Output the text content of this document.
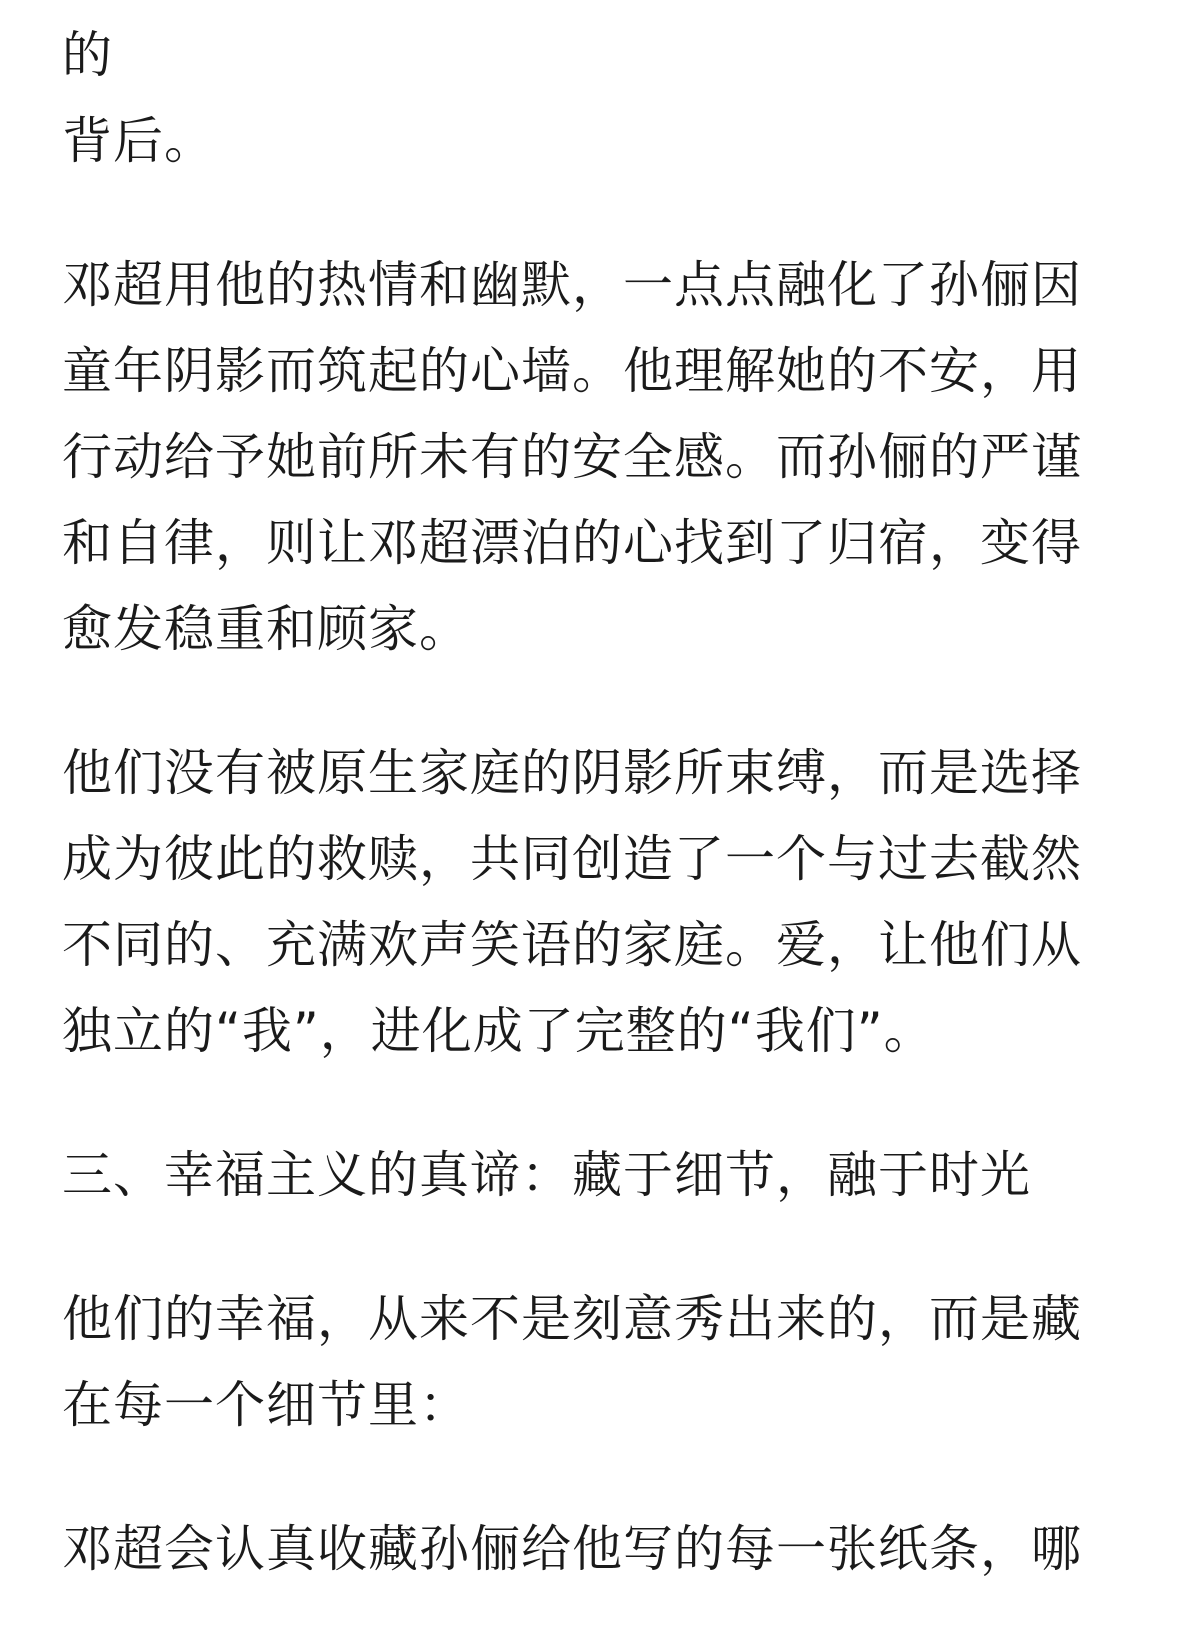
的
背后。
邓超用他的热情和幽默，一点点融化了孙俪因
童年阴影而筑起的心墙。他理解她的不安，用
行动给予她前所未有的安全感。而孙俪的严谨
和自律，则让邓超漂泊的心找到了归宿，变得
愈发稳重和顾家。
他们没有被原生家庭的阴影所束缚，而是选择
成为彼此的救赎，共同创造了一个与过去截然
不同的、充满欢声笑语的家庭。爱，让他们从
独立的“我”，进化成了完整的“我们”。
三、幸福主义的真谛：藏于细节，融于时光
他们的幸福，从来不是刻意秀出来的，而是藏
在每一个细节里：
邓超会认真收藏孙俪给他写的每一张纸条，哪
